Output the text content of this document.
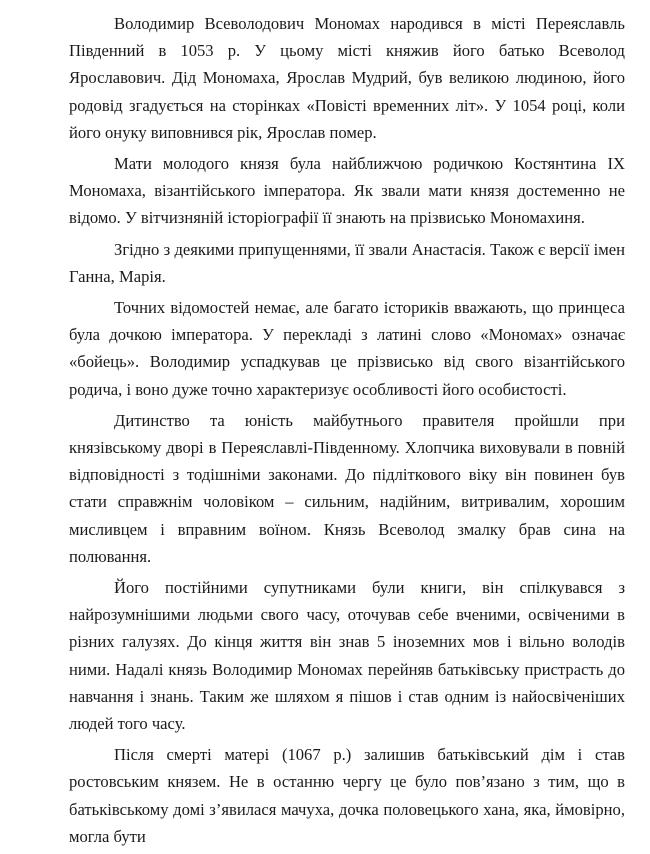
Володимир Всеволодович Мономах народився в місті Переяславль Південний в 1053 р. У цьому місті княжив його батько Всеволод Ярославович. Дід Мономаха, Ярослав Мудрий, був великою людиною, його родовід згадується на сторінках «Повісті временних літ». У 1054 році, коли його онуку виповнився рік, Ярослав помер.

Мати молодого князя була найближчою родичкою Костянтина IX Мономаха, візантійського імператора. Як звали мати князя достеменно не відомо. У вітчизняній історіографії її знають на прізвисько Мономахиня.

Згідно з деякими припущеннями, її звали Анастасія. Також є версії імен Ганна, Марія.

Точних відомостей немає, але багато істориків вважають, що принцеса була дочкою імператора. У перекладі з латині слово «Мономах» означає «бойець». Володимир успадкував це прізвисько від свого візантійського родича, і воно дуже точно характеризує особливості його особистості.

Дитинство та юність майбутнього правителя пройшли при князівському дворі в Переяславлі-Південному. Хлопчика виховували в повній відповідності з тодішніми законами. До підліткового віку він повинен був стати справжнім чоловіком – сильним, надійним, витривалим, хорошим мисливцем і вправним воїном. Князь Всеволод змалку брав сина на полювання.

Його постійними супутниками були книги, він спілкувався з найрозумнішими людьми свого часу, оточував себе вченими, освіченими в різних галузях. До кінця життя він знав 5 іноземних мов і вільно володів ними. Надалі князь Володимир Мономах перейняв батьківську пристрасть до навчання і знань. Таким же шляхом я пішов і став одним із найосвіченіших людей того часу.

Після смерті матері (1067 р.) залишив батьківський дім і став ростовським князем. Не в останню чергу це було пов’язано з тим, що в батьківському домі з’явилася мачуха, дочка половецького хана, яка, ймовірно, могла бути
